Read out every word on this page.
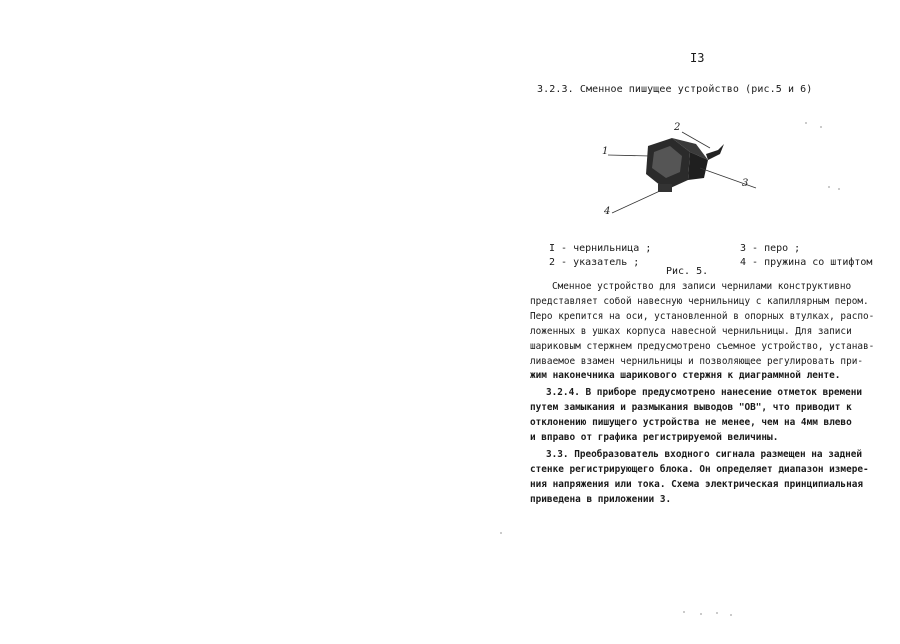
I3
3.2.3. Сменное пишущее устройство (рис.5 и 6)
1
2
3
4
I - чернильница ;
2 - указатель ;
3 - перо ;
4 - пружина со штифтом
Рис. 5.
Сменное устройство для записи чернилами конструктивно
представляет собой навесную чернильницу с капиллярным пером.
Перо крепится на оси, установленной в опорных втулках, распо-
ложенных в ушках корпуса навесной чернильницы. Для записи
шариковым стержнем предусмотрено съемное устройство, устанав-
ливаемое взамен чернильницы и позволяющее регулировать при-
жим наконечника шарикового стержня к диаграммной ленте.
3.2.4. В приборе предусмотрено нанесение отметок времени
путем замыкания и размыкания выводов "ОВ", что приводит к
отклонению пишущего устройства не менее, чем на 4мм влево
и вправо от графика регистрируемой величины.
3.3. Преобразователь входного сигнала размещен на задней
стенке регистрирующего блока. Он определяет диапазон измере-
ния напряжения или тока. Схема электрическая принципиальная
приведена в приложении 3.
